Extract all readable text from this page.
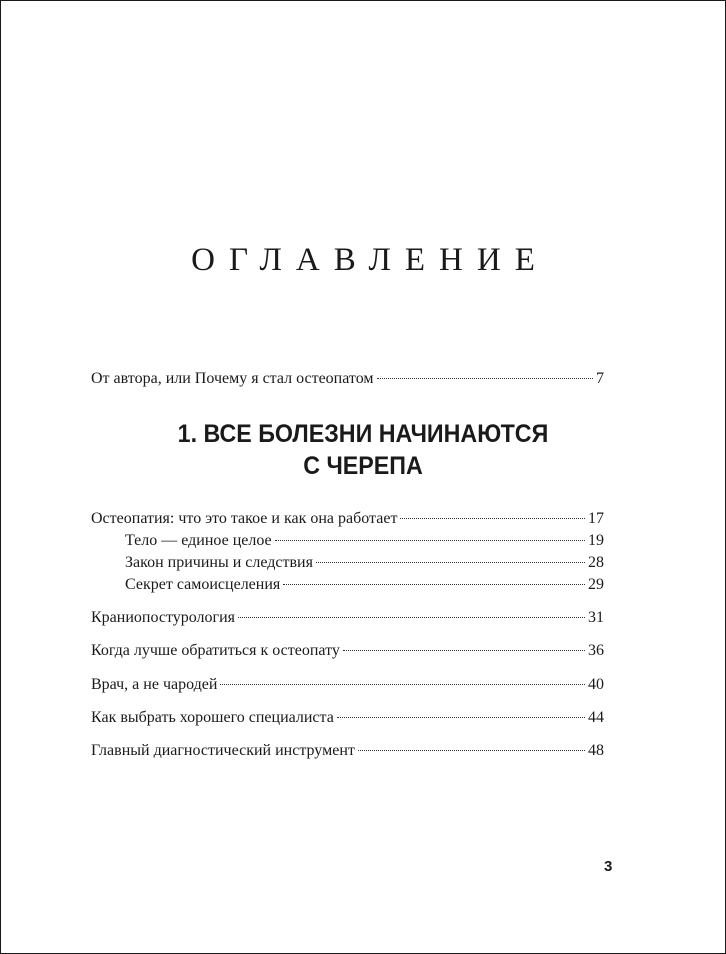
ОГЛАВЛЕНИЕ
От автора, или Почему я стал остеопатом	7
1. ВСЕ БОЛЕЗНИ НАЧИНАЮТСЯ
С ЧЕРЕПА
Остеопатия: что это такое и как она работает	17
Тело — единое целое	19
Закон причины и следствия	28
Секрет самоисцеления	29
Краниопостурология	31
Когда лучше обратиться к остеопату	36
Врач, а не чародей	40
Как выбрать хорошего специалиста	44
Главный диагностический инструмент	48
3
